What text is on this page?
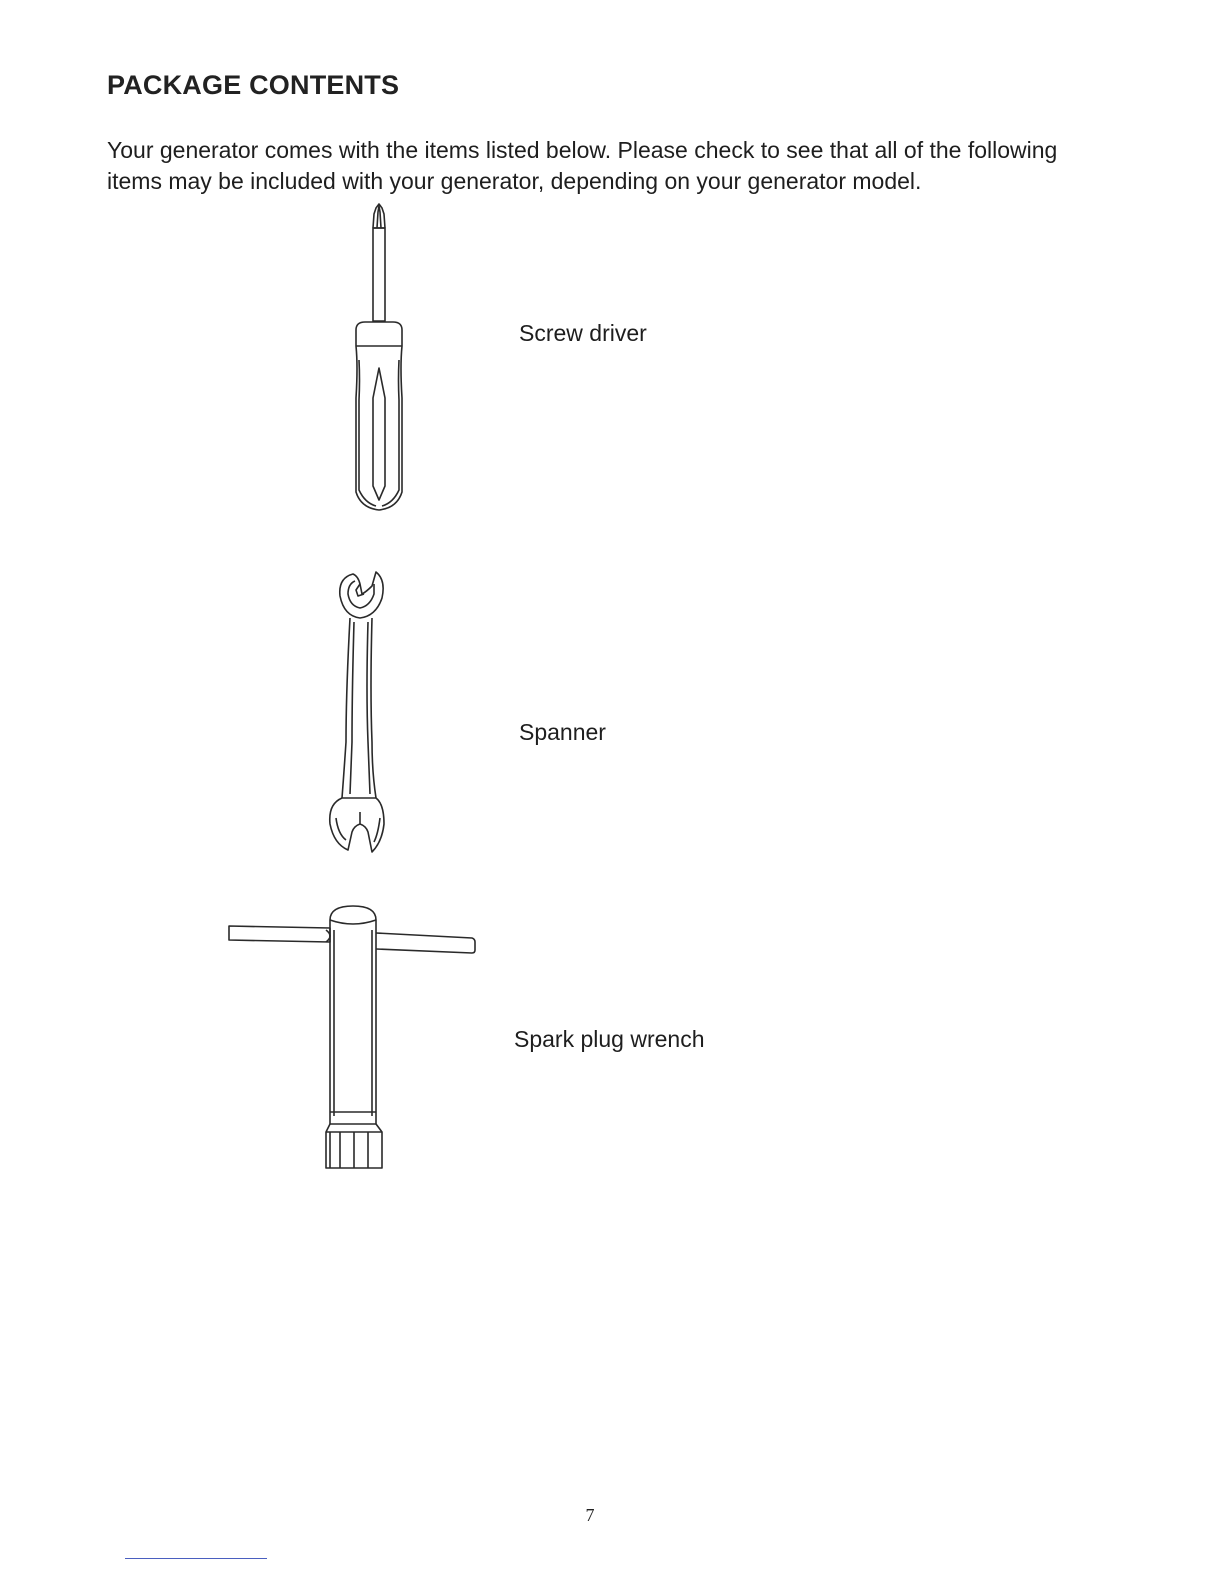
PACKAGE CONTENTS

Your generator comes with the items listed below. Please check to see that all of the following items may be included with your generator, depending on your generator model.

Screw driver
Spanner
Spark plug wrench
7
